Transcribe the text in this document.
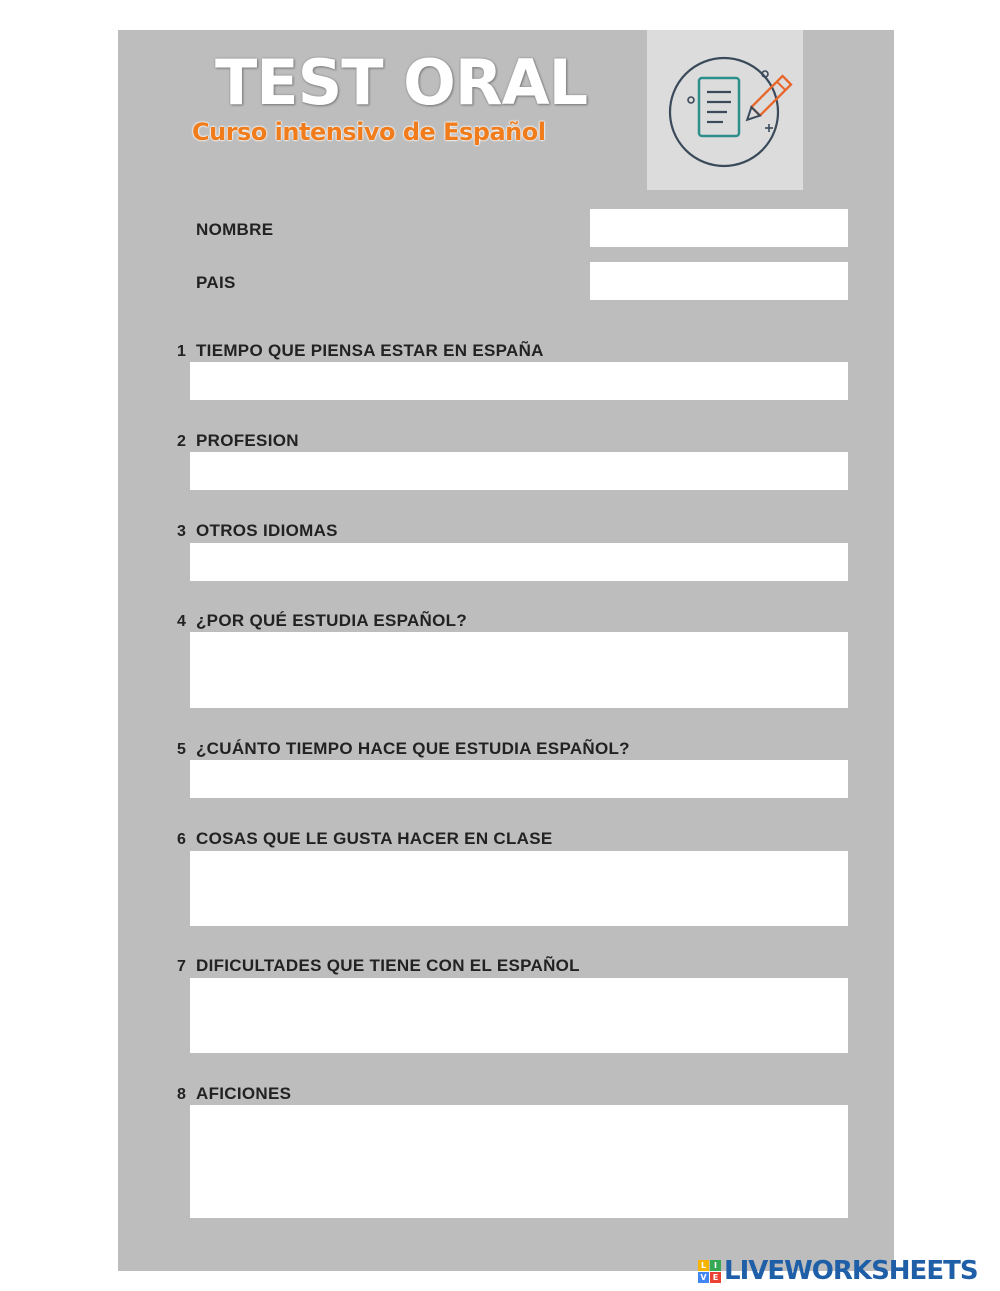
TEST ORAL
Curso intensivo de Español
NOMBRE
PAIS
1 TIEMPO QUE PIENSA ESTAR EN ESPAÑA
2 PROFESION
3 OTROS IDIOMAS
4 ¿POR QUÉ ESTUDIA ESPAÑOL?
5 ¿CUÁNTO TIEMPO HACE QUE ESTUDIA ESPAÑOL?
6 COSAS QUE LE GUSTA HACER EN CLASE
7 DIFICULTADES QUE TIENE CON EL ESPAÑOL
8 AFICIONES
L I
V E LIVEWORKSHEETS
